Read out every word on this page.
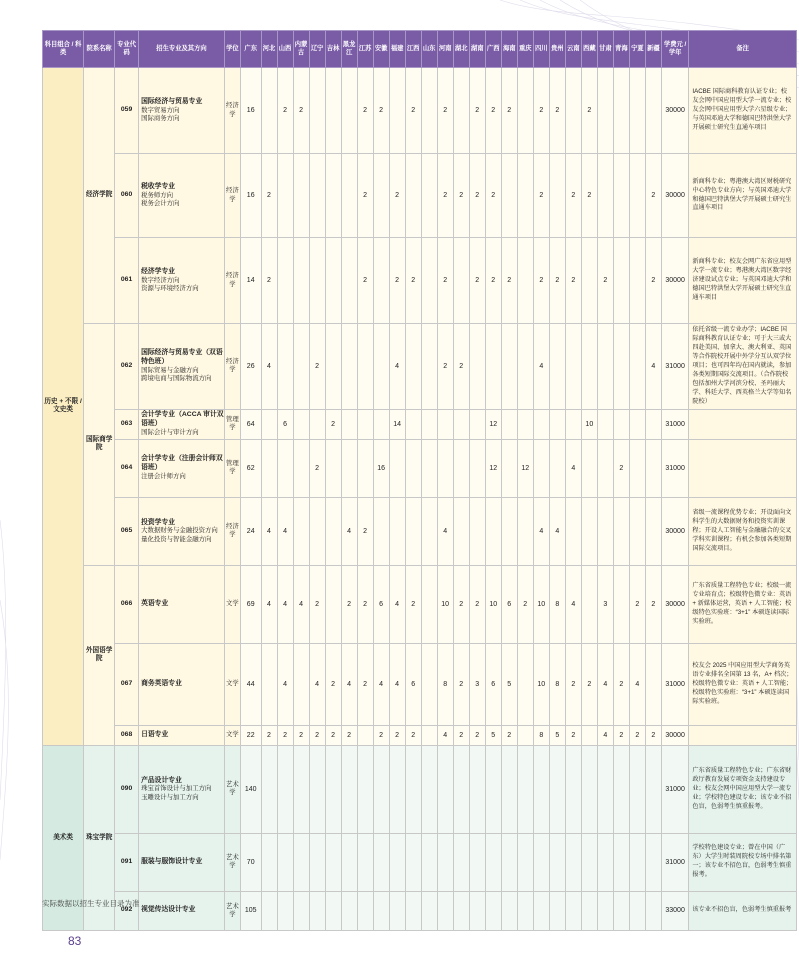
科目组合 / 科类	院系名称	专业代码	招生专业及其方向	学位	广东	河北	山西	内蒙古	辽宁	吉林	黑龙江	江苏	安徽	福建	江西	山东	河南	湖北	湖南	广西	海南	重庆	四川	贵州	云南	西藏	甘肃	青海	宁夏	新疆	学费元 / 学年	备注
历史 + 不限 / 文史类	经济学院	059	国际经济与贸易专业
数字贸易方向
国际商务方向	经济学	16		2	2				2	2		2		2		2	2	2		2	2		2					30000	IACBE 国际商科教育认证专业；校友会网中国应用型大学一流专业；校友会网中国应用型大学六星级专业；与英国邓迪大学和德国巴特洪堡大学开展硕士研究生直通车项目
		060	税收学专业
税务师方向
税务会计方向	经济学	16	2						2		2			2	2	2	2			2		2	2				2	30000	新商科专业；粤港澳大湾区财税研究中心特色专业方向；与英国邓迪大学和德国巴特洪堡大学开展硕士研究生直通车项目
		061	经济学专业
数字经济方向
资源与环境经济方向	经济学	14	2						2		2	2		2		2	2	2		2	2	2		2			2	30000	新商科专业；校友会网广东省应用型大学一流专业；粤港澳大湾区数字经济建设试点专业；与英国邓迪大学和德国巴特洪堡大学开展硕士研究生直通车项目
	国际商学院	062	国际经济与贸易专业（双语特色班）
国际贸易与金融方向
跨境电商与国际物流方向	经济学	26	4			2					4			2	2					4							4	31000	依托省级一流专业办学；IACBE 国际商科教育认证专业；可于大三或大四赴美国、加拿大、澳大利亚、英国等合作院校开展中外学分互认双学位项目；也可四年均在国内就读，参加各类短期国际交流项目。（合作院校包括加州大学河滨分校、圣玛丽大学、科廷大学、西英格兰大学等知名院校）
		063	会计学专业（ACCA 审计双语班）
国际会计与审计方向	管理学	64		6			2				14						12						10					31000	
		064	会计学专业（注册会计师双语班）
注册会计师方向	管理学	62				2				16							12		12			4			2			31000	
		065	投资学专业
大数据财务与金融投资方向
量化投资与智能金融方向	经济学	24	4	4				4	2					4						4	4							30000	省级一流课程优势专业；开设面向文科学生的大数据财务和投资实训课程；开设人工智能与金融融合的交叉学科实训课程；有机会参加各类短期国际交流项目。
	外国语学院	066	英语专业	文学	69	4	4	4	2		2	2	6	4	2		10	2	2	10	6	2	10	8	4		3		2	2	30000	广东省质量工程特色专业；校级一流专业培育点；校级特色微专业：英语 + 新媒体运营，英语 + 人工智能；校级特色实验班：“3+1” 本硕连读国际实验班。
		067	商务英语专业	文学	44		4		4	2	4	2	4	4	6		8	2	3	6	5		10	8	2	2	4	2	4		31000	校友会 2025 中国应用型大学商务英语专业排名全国第 13 名，A+ 档次；校级特色微专业：英语 + 人工智能；校级特色实验班：“3+1” 本硕连读国际实验班。
		068	日语专业	文学	22	2	2	2	2	2	2		2	2	2		4	2	2	5	2		8	5	2		4	2	2	2	30000	
美术类	珠宝学院	090	产品设计专业
珠宝首饰设计与加工方向
玉雕设计与加工方向	艺术学	140																										31000	广东省质量工程特色专业；广东省财政厅教育发展专项资金支持建设专业；校友会网中国应用型大学一流专业；学校特色建设专业；该专业不招色盲，色弱考生慎重报考。
		091	服装与服饰设计专业	艺术学	70																										31000	学校特色建设专业；曾在中国（广东）大学生时装周院校专场中排名第一；该专业不招色盲，色弱考生慎重报考。
		092	视觉传达设计专业	艺术学	105																										33000	该专业不招色盲，色弱考生慎重报考
实际数据以招生专业目录为准
83
